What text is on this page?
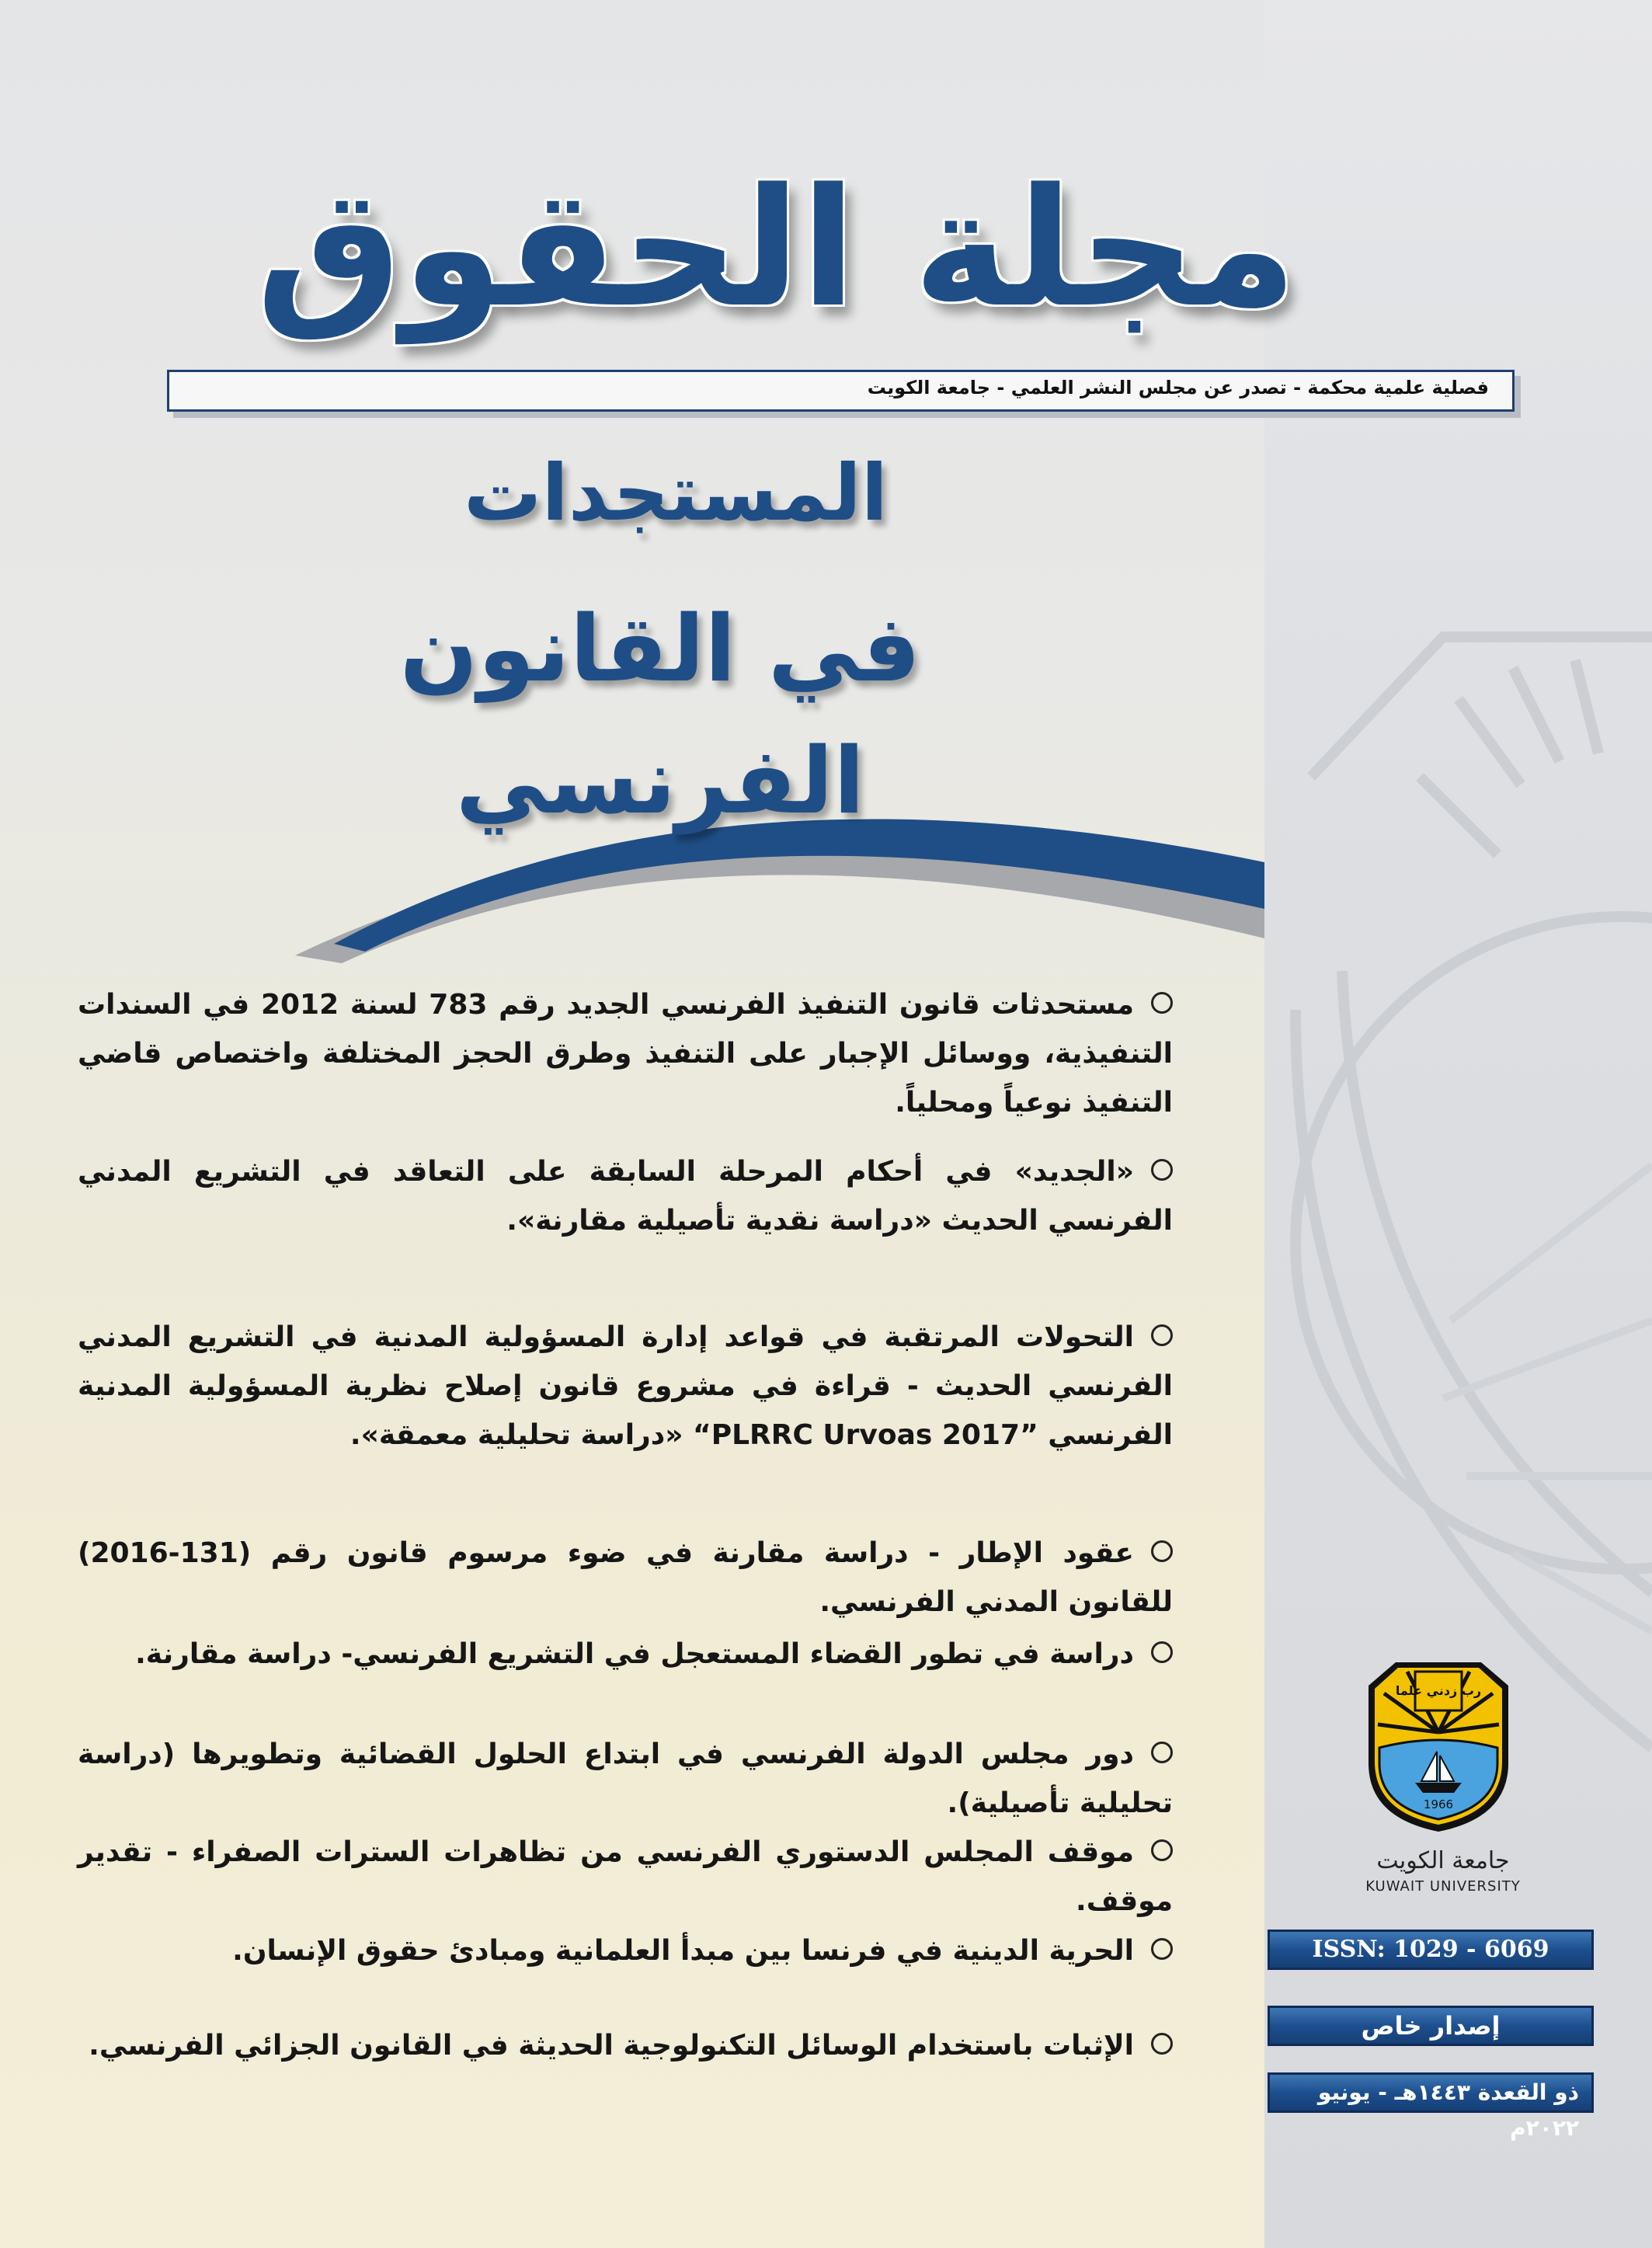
مجلة الحقوق
فصلية علمية محكمة - تصدر عن مجلس النشر العلمي - جامعة الكويت
المستجدات
في القانون الفرنسي
مستحدثات قانون التنفيذ الفرنسي الجديد رقم 783 لسنة 2012 في السندات التنفيذية، ووسائل الإجبار على التنفيذ وطرق الحجز المختلفة واختصاص قاضي التنفيذ نوعياً ومحلياً.
«الجديد» في أحكام المرحلة السابقة على التعاقد في التشريع المدني الفرنسي الحديث «دراسة نقدية تأصيلية مقارنة».
التحولات المرتقبة في قواعد إدارة المسؤولية المدنية في التشريع المدني الفرنسي الحديث - قراءة في مشروع قانون إصلاح نظرية المسؤولية المدنية الفرنسي ”PLRRC Urvoas 2017“ «دراسة تحليلية معمقة».
عقود الإطار - دراسة مقارنة في ضوء مرسوم قانون رقم (131-2016) للقانون المدني الفرنسي.
دراسة في تطور القضاء المستعجل في التشريع الفرنسي- دراسة مقارنة.
دور مجلس الدولة الفرنسي في ابتداع الحلول القضائية وتطويرها (دراسة تحليلية تأصيلية).
موقف المجلس الدستوري الفرنسي من تظاهرات السترات الصفراء - تقدير موقف.
الحرية الدينية في فرنسا بين مبدأ العلمانية ومبادئ حقوق الإنسان.
الإثبات باستخدام الوسائل التكنولوجية الحديثة في القانون الجزائي الفرنسي.
رب زدني علما
1966
جامعة الكويت
KUWAIT UNIVERSITY
ISSN: 1029 - 6069
إصدار خاص
ذو القعدة ١٤٤٣هـ - يونيو ٢٠٢٢م
